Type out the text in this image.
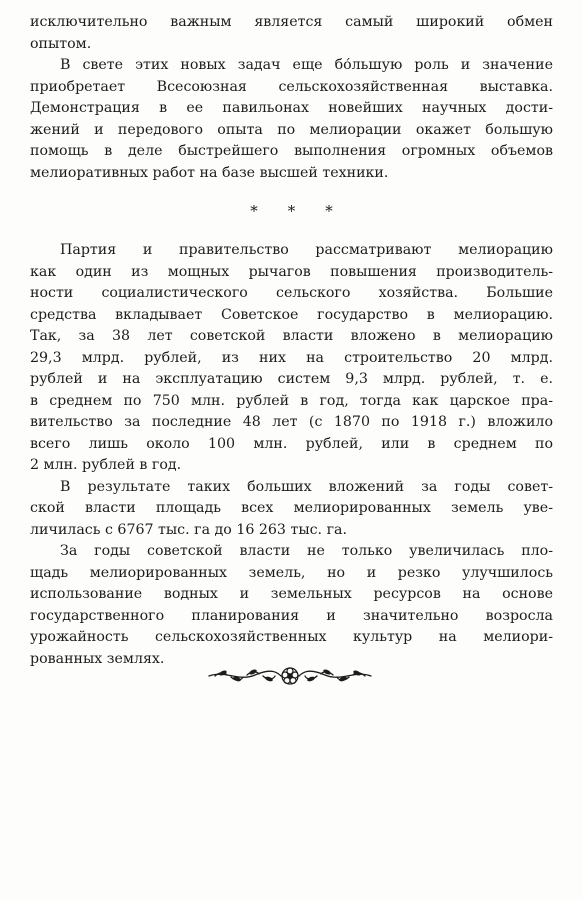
исключительно важным является самый широкий обмен
опытом.

В свете этих новых задач еще бо́льшую роль и значение
приобретает Всесоюзная сельскохозяйственная выставка.
Демонстрация в ее павильонах новейших научных дости-
жений и передового опыта по мелиорации окажет большую
помощь в деле быстрейшего выполнения огромных объемов
мелиоративных работ на базе высшей техники.

* * *

Партия и правительство рассматривают мелиорацию
как один из мощных рычагов повышения производитель-
ности социалистического сельского хозяйства. Большие
средства вкладывает Советское государство в мелиорацию.
Так, за 38 лет советской власти вложено в мелиорацию
29,3 млрд. рублей, из них на строительство 20 млрд.
рублей и на эксплуатацию систем 9,3 млрд. рублей, т. е.
в среднем по 750 млн. рублей в год, тогда как царское пра-
вительство за последние 48 лет (с 1870 по 1918 г.) вложило
всего лишь около 100 млн. рублей, или в среднем по
2 млн. рублей в год.

В результате таких больших вложений за годы совет-
ской власти площадь всех мелиорированных земель уве-
личилась с 6767 тыс. га до 16 263 тыс. га.

За годы советской власти не только увеличилась пло-
щадь мелиорированных земель, но и резко улучшилось
использование водных и земельных ресурсов на основе
государственного планирования и значительно возросла
урожайность сельскохозяйственных культур на мелиори-
рованных землях.
